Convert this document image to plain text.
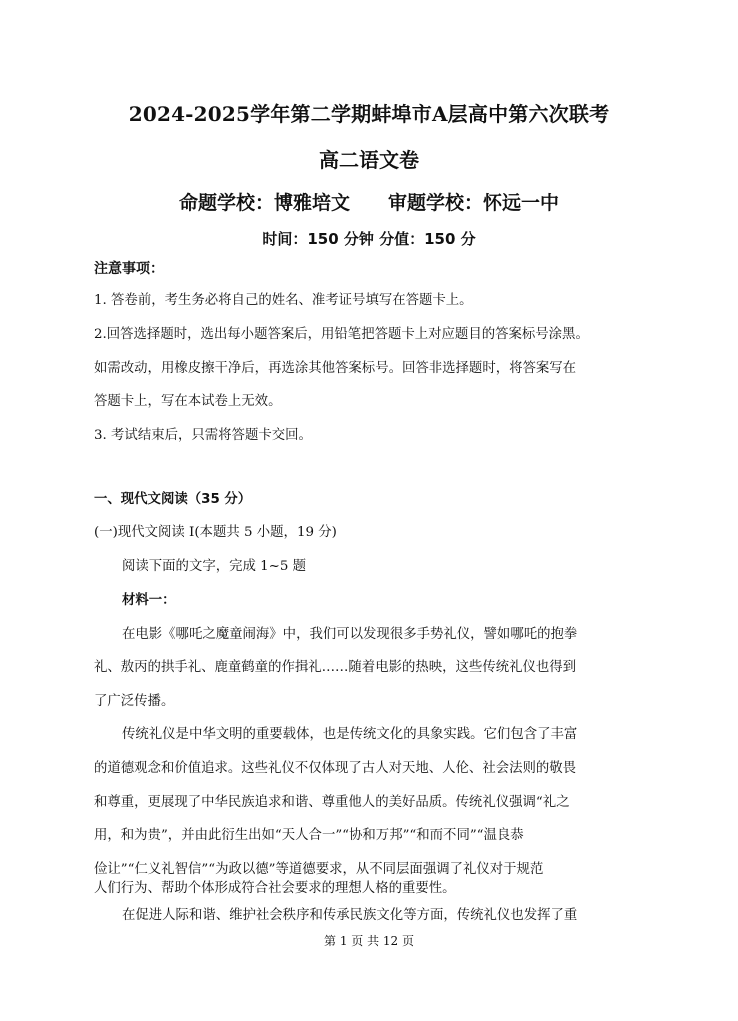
2024-2025学年第二学期蚌埠市A层高中第六次联考
高二语文卷
命题学校：博雅培文 审题学校：怀远一中
时间：150 分钟 分值：150 分
注意事项：
1. 答卷前，考生务必将自己的姓名、准考证号填写在答题卡上。
2.回答选择题时，选出每小题答案后，用铅笔把答题卡上对应题目的答案标号涂黑。
如需改动，用橡皮擦干净后，再选涂其他答案标号。回答非选择题时，将答案写在
答题卡上，写在本试卷上无效。
3. 考试结束后，只需将答题卡交回。
一、现代文阅读（35 分）
(一)现代文阅读 I(本题共 5 小题，19 分)
阅读下面的文字，完成 1~5 题
材料一：
在电影《哪吒之魔童闹海》中，我们可以发现很多手势礼仪，譬如哪吒的抱拳
礼、敖丙的拱手礼、鹿童鹤童的作揖礼……随着电影的热映，这些传统礼仪也得到
了广泛传播。
传统礼仪是中华文明的重要载体，也是传统文化的具象实践。它们包含了丰富
的道德观念和价值追求。这些礼仪不仅体现了古人对天地、人伦、社会法则的敬畏
和尊重，更展现了中华民族追求和谐、尊重他人的美好品质。传统礼仪强调“礼之
用，和为贵”，并由此衍生出如“天人合一”“协和万邦”“和而不同”“温良恭
俭让”“仁义礼智信”“为政以德”等道德要求，从不同层面强调了礼仪对于规范
人们行为、帮助个体形成符合社会要求的理想人格的重要性。
在促进人际和谐、维护社会秩序和传承民族文化等方面，传统礼仪也发挥了重
第 1 页 共 12 页
